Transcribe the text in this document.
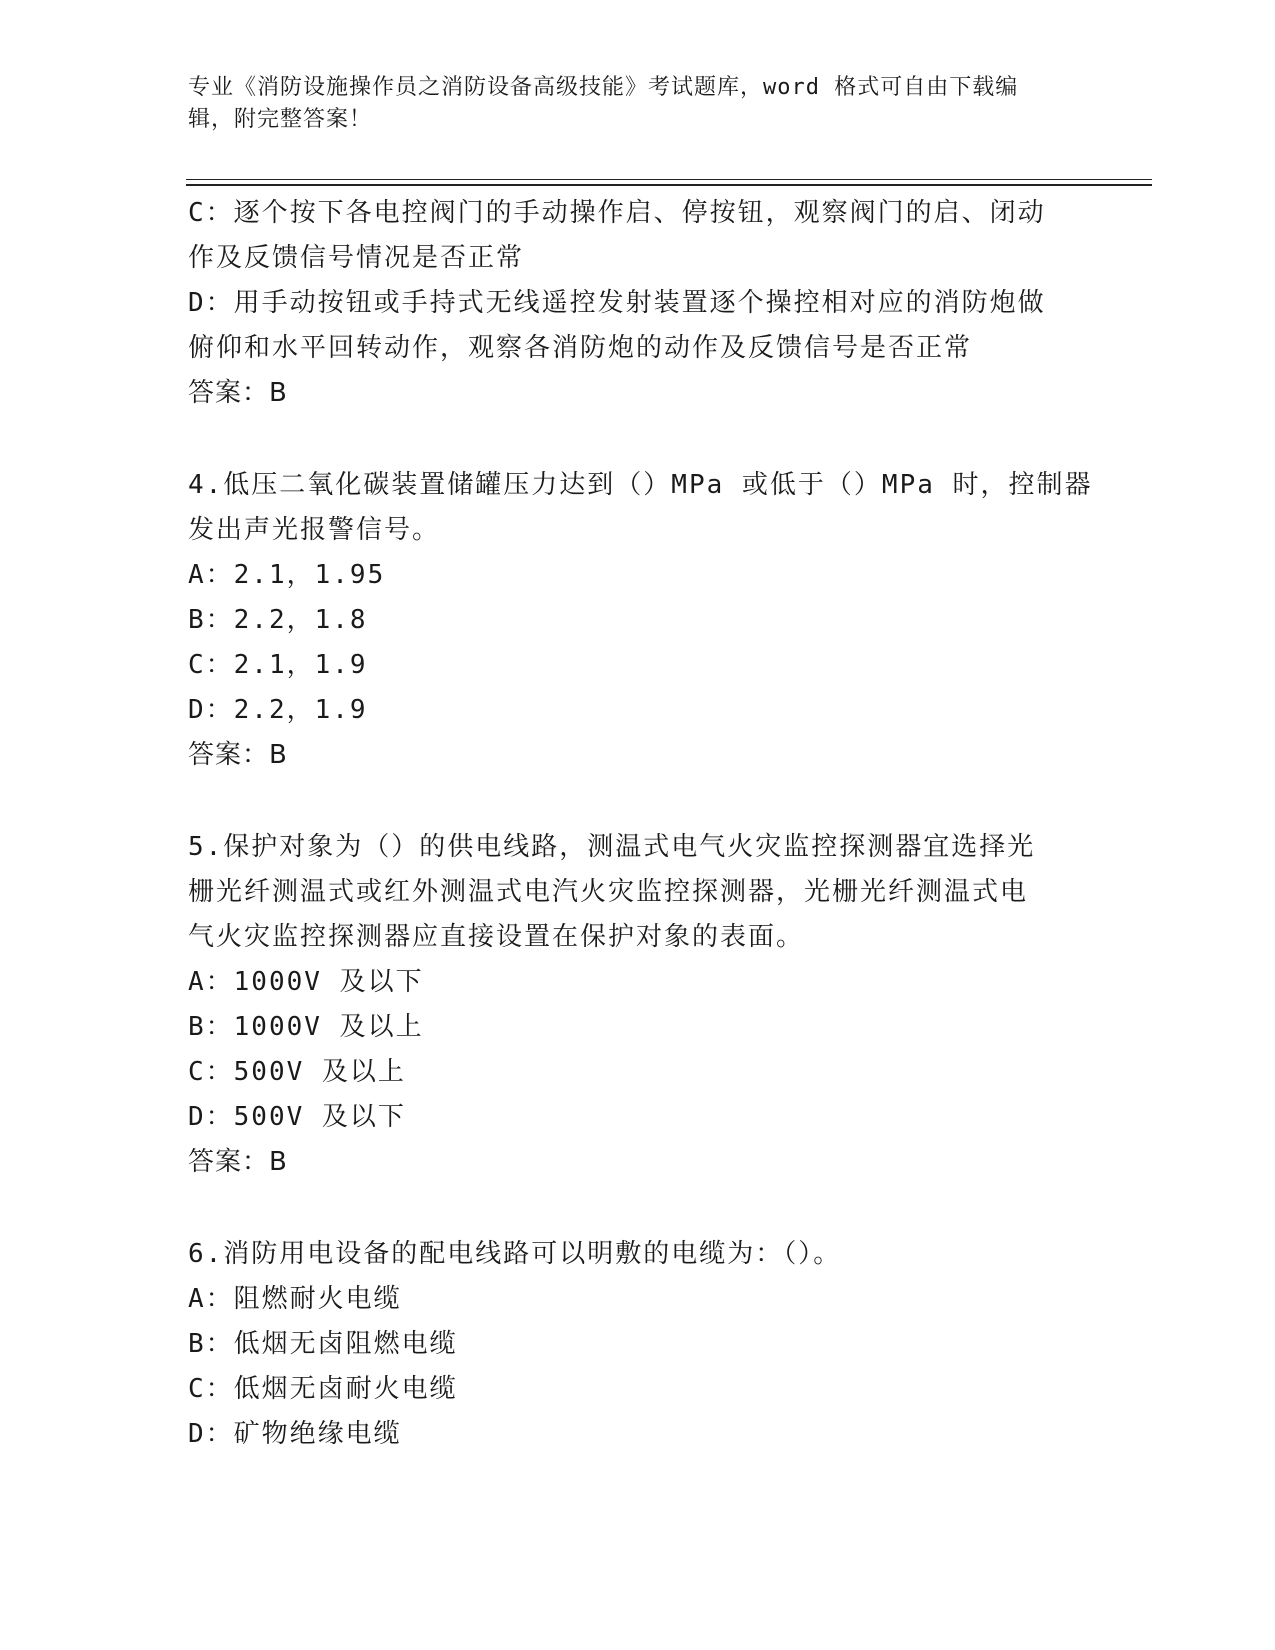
专业《消防设施操作员之消防设备高级技能》考试题库，word 格式可自由下载编
辑，附完整答案！
C：逐个按下各电控阀门的手动操作启、停按钮，观察阀门的启、闭动
作及反馈信号情况是否正常
D：用手动按钮或手持式无线遥控发射装置逐个操控相对应的消防炮做
俯仰和水平回转动作，观察各消防炮的动作及反馈信号是否正常
答案：B
4.低压二氧化碳装置储罐压力达到（）MPa 或低于（）MPa 时，控制器
发出声光报警信号。
A：2.1，1.95
B：2.2，1.8
C：2.1，1.9
D：2.2，1.9
答案：B
5.保护对象为（）的供电线路，测温式电气火灾监控探测器宜选择光
栅光纤测温式或红外测温式电汽火灾监控探测器，光栅光纤测温式电
气火灾监控探测器应直接设置在保护对象的表面。
A：1000V 及以下
B：1000V 及以上
C：500V 及以上
D：500V 及以下
答案：B
6.消防用电设备的配电线路可以明敷的电缆为：（）。
A：阻燃耐火电缆
B：低烟无卤阻燃电缆
C：低烟无卤耐火电缆
D：矿物绝缘电缆
